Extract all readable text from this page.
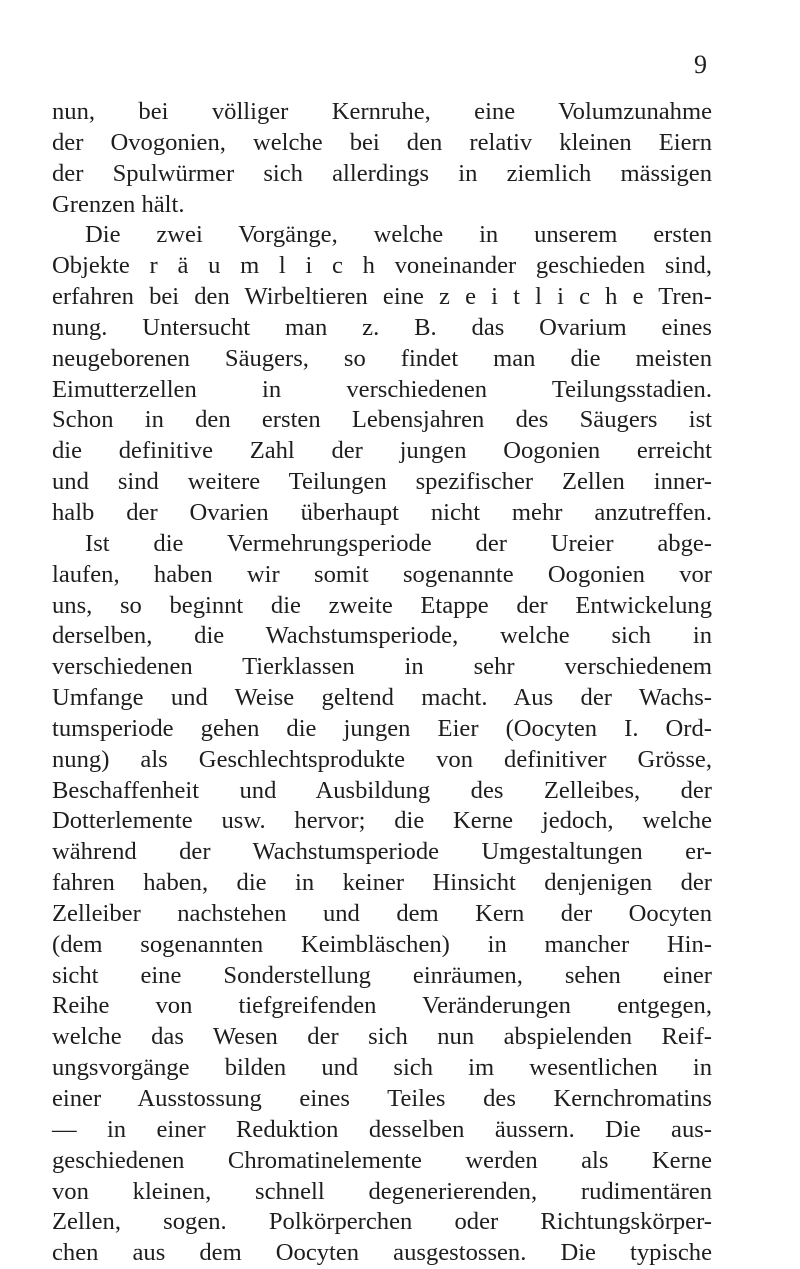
9
nun, bei völliger Kernruhe, eine Volumzunahme
der Ovogonien, welche bei den relativ kleinen Eiern
der Spulwürmer sich allerdings in ziemlich mässigen
Grenzen hält.
Die zwei Vorgänge, welche in unserem ersten
Objekte r ä u m l i c h voneinander geschieden sind,
erfahren bei den Wirbeltieren eine z e i t l i c h e Tren-
nung. Untersucht man z. B. das Ovarium eines
neugeborenen Säugers, so findet man die meisten
Eimutterzellen in verschiedenen Teilungsstadien.
Schon in den ersten Lebensjahren des Säugers ist
die definitive Zahl der jungen Oogonien erreicht
und sind weitere Teilungen spezifischer Zellen inner-
halb der Ovarien überhaupt nicht mehr anzutreffen.
Ist die Vermehrungsperiode der Ureier abge-
laufen, haben wir somit sogenannte Oogonien vor
uns, so beginnt die zweite Etappe der Entwickelung
derselben, die Wachstumsperiode, welche sich in
verschiedenen Tierklassen in sehr verschiedenem
Umfange und Weise geltend macht. Aus der Wachs-
tumsperiode gehen die jungen Eier (Oocyten I. Ord-
nung) als Geschlechtsprodukte von definitiver Grösse,
Beschaffenheit und Ausbildung des Zelleibes, der
Dotterlemente usw. hervor; die Kerne jedoch, welche
während der Wachstumsperiode Umgestaltungen er-
fahren haben, die in keiner Hinsicht denjenigen der
Zelleiber nachstehen und dem Kern der Oocyten
(dem sogenannten Keimbläschen) in mancher Hin-
sicht eine Sonderstellung einräumen, sehen einer
Reihe von tiefgreifenden Veränderungen entgegen,
welche das Wesen der sich nun abspielenden Reif-
ungsvorgänge bilden und sich im wesentlichen in
einer Ausstossung eines Teiles des Kernchromatins
— in einer Reduktion desselben äussern. Die aus-
geschiedenen Chromatinelemente werden als Kerne
von kleinen, schnell degenerierenden, rudimentären
Zellen, sogen. Polkörperchen oder Richtungskörper-
chen aus dem Oocyten ausgestossen. Die typische
